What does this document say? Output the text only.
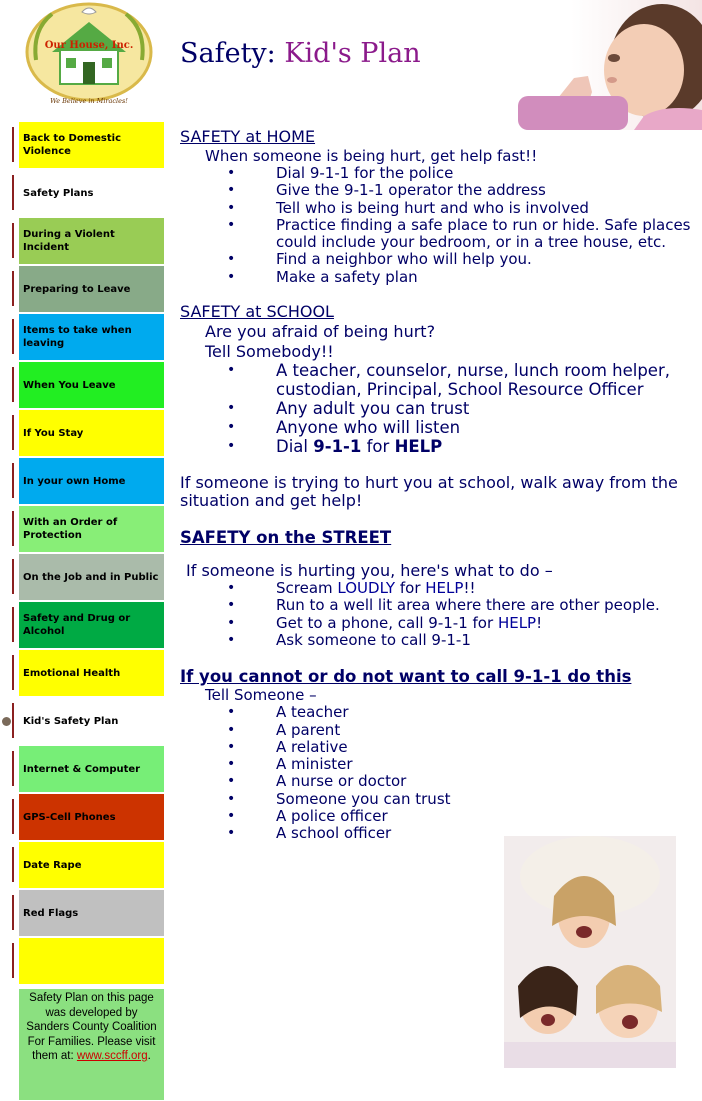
Our House, Inc.
We Believe in Miracles!
Safety: Kid's Plan
Back to Domestic Violence
Safety Plans
During a Violent Incident
Preparing to Leave
Items to take when leaving
When You Leave
If You Stay
In your own Home
With an Order of Protection
On the Job and in Public
Safety and Drug or Alcohol
Emotional Health
Kid's Safety Plan
Internet & Computer
GPS-Cell Phones
Date Rape
Red Flags
Safety Plan on this page was developed by Sanders County Coalition For Families. Please visit them at: www.sccff.org.
SAFETY at HOME
When someone is being hurt, get help fast!!
• Dial 9-1-1 for the police
• Give the 9-1-1 operator the address
• Tell who is being hurt and who is involved
• Practice finding a safe place to run or hide. Safe places could include your bedroom, or in a tree house, etc.
• Find a neighbor who will help you.
• Make a safety plan
SAFETY at SCHOOL
Are you afraid of being hurt?
Tell Somebody!!
• A teacher, counselor, nurse, lunch room helper, custodian, Principal, School Resource Officer
• Any adult you can trust
• Anyone who will listen
• Dial 9-1-1 for HELP
If someone is trying to hurt you at school, walk away from the situation and get help!
SAFETY on the STREET
If someone is hurting you, here's what to do –
• Scream LOUDLY for HELP!!
• Run to a well lit area where there are other people.
• Get to a phone, call 9-1-1 for HELP!
• Ask someone to call 9-1-1
If you cannot or do not want to call 9-1-1 do this
Tell Someone –
• A teacher
• A parent
• A relative
• A minister
• A nurse or doctor
• Someone you can trust
• A police officer
• A school officer
